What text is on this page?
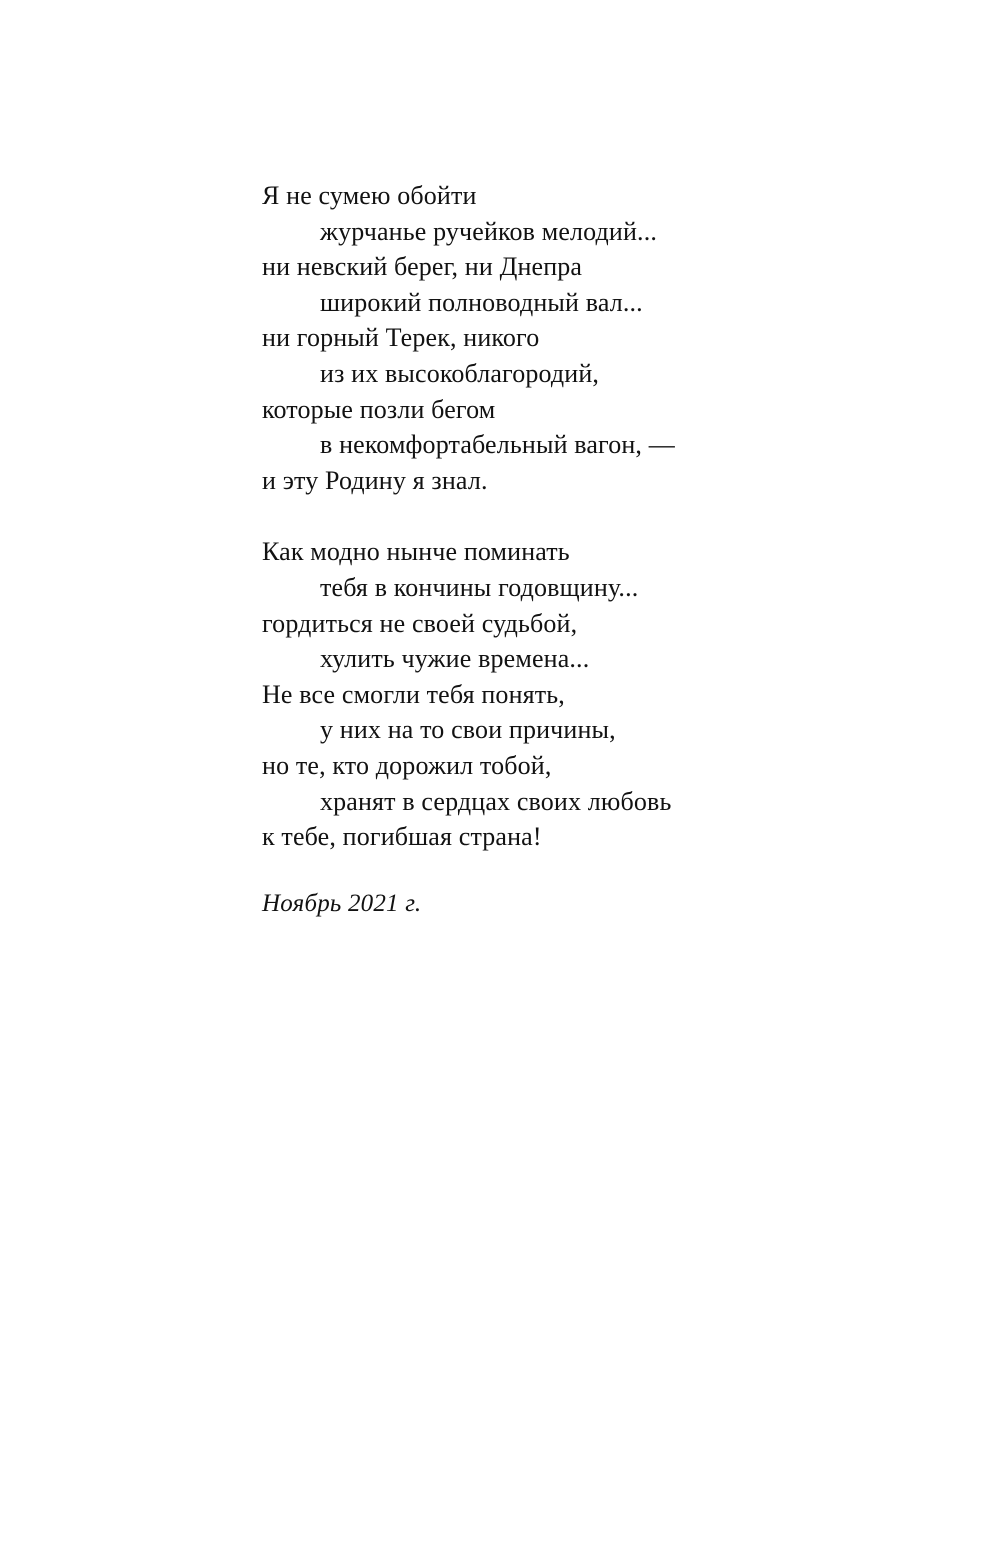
Я не сумею обойти
журчанье ручейков мелодий...
ни невский берег, ни Днепра
широкий полноводный вал...
ни горный Терек, никого
из их высокоблагородий,
которые позли бегом
в некомфортабельный вагон, —
и эту Родину я знал.
Как модно нынче поминать
тебя в кончины годовщину...
гордиться не своей судьбой,
хулить чужие времена...
Не все смогли тебя понять,
у них на то свои причины,
но те, кто дорожил тобой,
хранят в сердцах своих любовь
к тебе, погибшая страна!
Ноябрь 2021 г.
